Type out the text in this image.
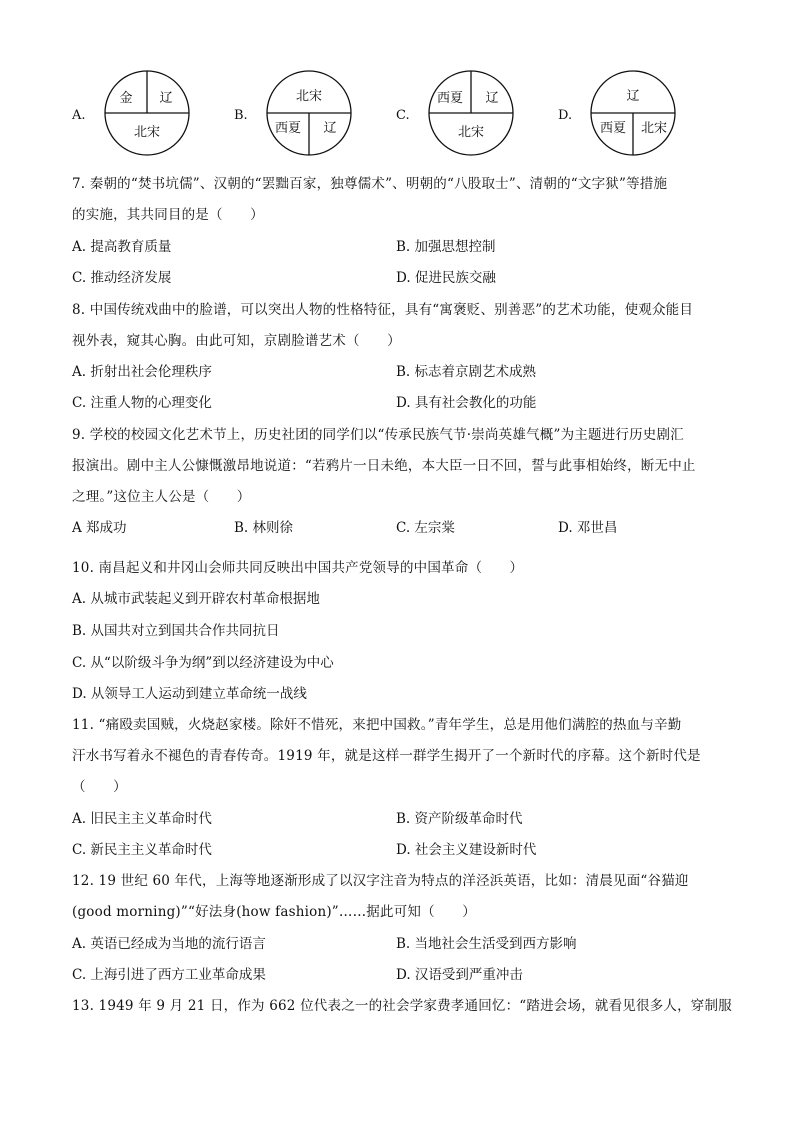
A.
金 辽
北宋
B.
北宋
西夏 辽
C.
西夏 辽
北宋
D.
辽
西夏 北宋
7. 秦朝的“焚书坑儒”、汉朝的“罢黜百家，独尊儒术”、明朝的“八股取士”、清朝的“文字狱”等措施
的实施，其共同目的是（　　）
A. 提高教育质量	B. 加强思想控制
C. 推动经济发展	D. 促进民族交融
8. 中国传统戏曲中的脸谱，可以突出人物的性格特征，具有“寓褒贬、别善恶”的艺术功能，使观众能目
视外表，窥其心胸。由此可知，京剧脸谱艺术（　　）
A. 折射出社会伦理秩序	B. 标志着京剧艺术成熟
C. 注重人物的心理变化	D. 具有社会教化的功能
9. 学校的校园文化艺术节上，历史社团的同学们以“传承民族气节·崇尚英雄气概”为主题进行历史剧汇
报演出。剧中主人公慷慨激昂地说道：“若鸦片一日未绝，本大臣一日不回，誓与此事相始终，断无中止
之理。”这位主人公是（　　）
A 郑成功	B. 林则徐	C. 左宗棠	D. 邓世昌
10. 南昌起义和井冈山会师共同反映出中国共产党领导的中国革命（　　）
A. 从城市武装起义到开辟农村革命根据地
B. 从国共对立到国共合作共同抗日
C. 从“以阶级斗争为纲”到以经济建设为中心
D. 从领导工人运动到建立革命统一战线
11. “痛殴卖国贼，火烧赵家楼。除奸不惜死，来把中国救。”青年学生，总是用他们满腔的热血与辛勤
汗水书写着永不褪色的青春传奇。1919 年，就是这样一群学生揭开了一个新时代的序幕。这个新时代是
（　　）
A. 旧民主主义革命时代	B. 资产阶级革命时代
C. 新民主主义革命时代	D. 社会主义建设新时代
12. 19 世纪 60 年代，上海等地逐渐形成了以汉字注音为特点的洋泾浜英语，比如：清晨见面“谷猫迎
(good morning)”“好法身(how fashion)”……据此可知（　　）
A. 英语已经成为当地的流行语言	B. 当地社会生活受到西方影响
C. 上海引进了西方工业革命成果	D. 汉语受到严重冲击
13. 1949 年 9 月 21 日，作为 662 位代表之一的社会学家费孝通回忆：“踏进会场，就看见很多人，穿制服
